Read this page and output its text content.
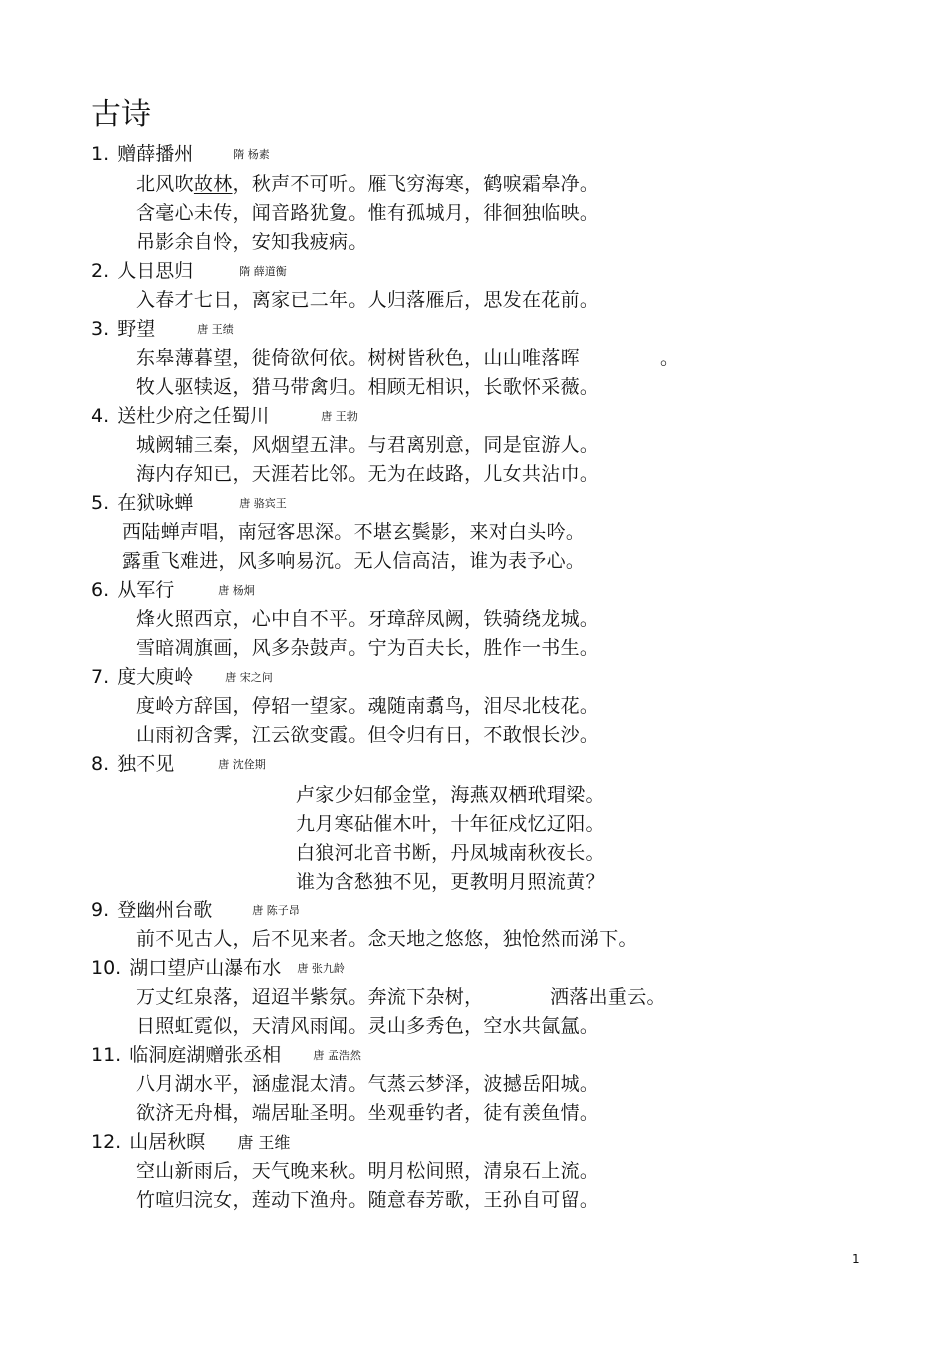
古诗
1. 赠薛播州	隋 杨素
北风吹故林，秋声不可听。雁飞穷海寒，鹤唳霜皋净。
含毫心未传，闻音路犹夐。惟有孤城月，徘徊独临映。
吊影余自怜，安知我疲病。
2. 人日思归	隋 薛道衡
入春才七日，离家已二年。人归落雁后，思发在花前。
3. 野望	唐 王绩
东皋薄暮望，徙倚欲何依。树树皆秋色，山山唯落晖	。
牧人驱犊返，猎马带禽归。相顾无相识，长歌怀采薇。
4. 送杜少府之任蜀川	唐 王勃
城阙辅三秦，风烟望五津。与君离别意，同是宦游人。
海内存知已，天涯若比邻。无为在歧路，儿女共沾巾。
5. 在狱咏蝉	唐 骆宾王
西陆蝉声唱，南冠客思深。不堪玄鬓影，来对白头吟。
露重飞难进，风多响易沉。无人信高洁，谁为表予心。
6. 从军行	唐 杨炯
烽火照西京，心中自不平。牙璋辞凤阙，铁骑绕龙城。
雪暗凋旗画，风多杂鼓声。宁为百夫长，胜作一书生。
7. 度大庾岭	唐 宋之问
度岭方辞国，停轺一望家。魂随南翥鸟，泪尽北枝花。
山雨初含霁，江云欲变霞。但令归有日，不敢恨长沙。
8. 独不见	唐 沈佺期
卢家少妇郁金堂，海燕双栖玳瑁梁。
九月寒砧催木叶，十年征戍忆辽阳。
白狼河北音书断，丹凤城南秋夜长。
谁为含愁独不见，更教明月照流黄？
9. 登幽州台歌	唐 陈子昂
前不见古人，后不见来者。念天地之悠悠，独怆然而涕下。
10. 湖口望庐山瀑布水 唐 张九龄
万丈红泉落，迢迢半紫氛。奔流下杂树，	洒落出重云。
日照虹霓似，天清风雨闻。灵山多秀色，空水共氤氲。
11. 临洞庭湖赠张丞相	唐 孟浩然
八月湖水平，涵虚混太清。气蒸云梦泽，波撼岳阳城。
欲济无舟楫，端居耻圣明。坐观垂钓者，徒有羡鱼情。
12. 山居秋暝 唐 王维
空山新雨后，天气晚来秋。明月松间照，清泉石上流。
竹喧归浣女，莲动下渔舟。随意春芳歌，王孙自可留。
1
